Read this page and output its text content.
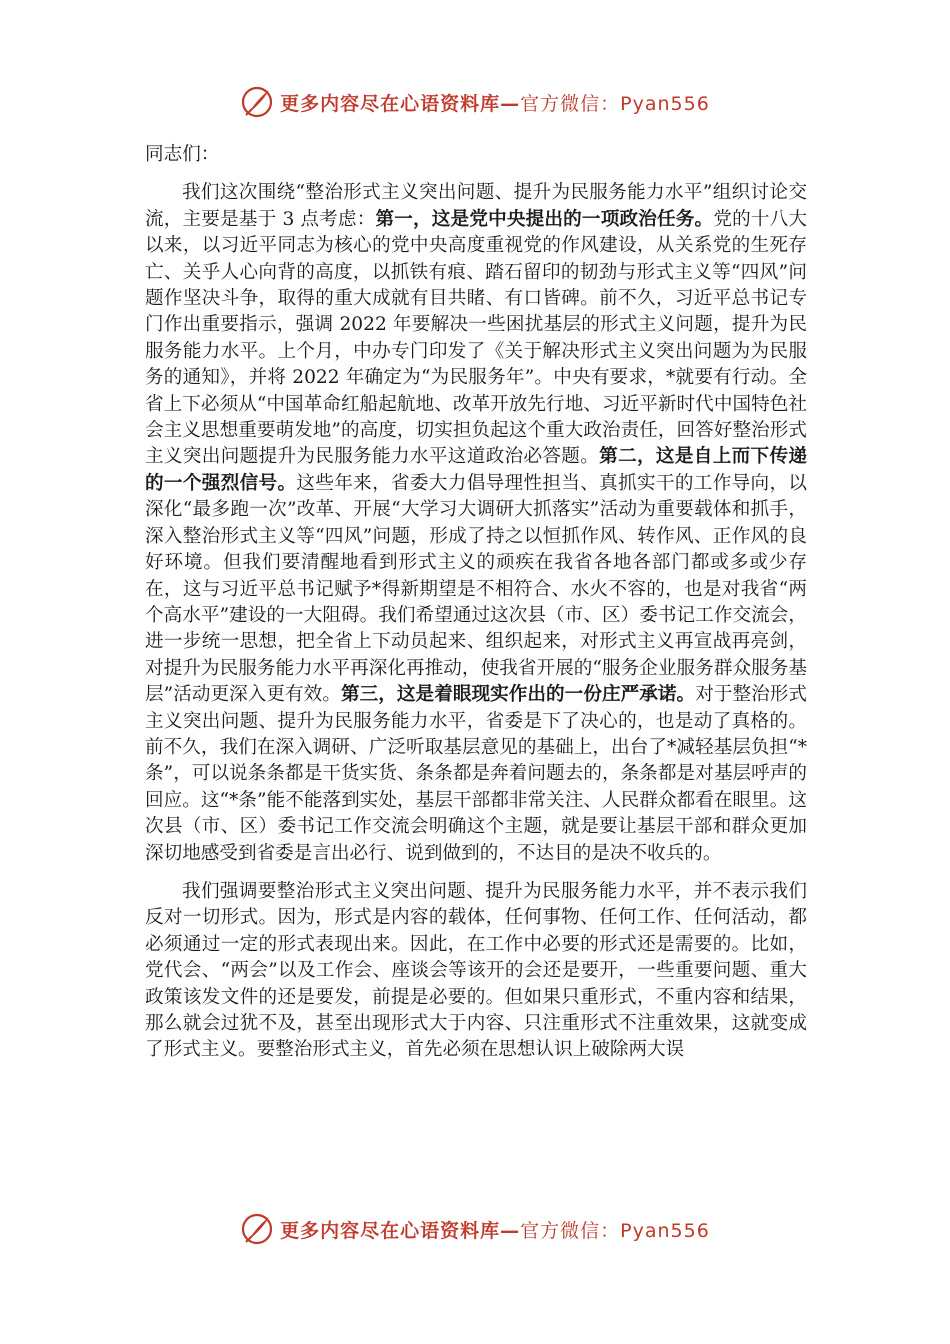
更多内容尽在心语资料库—官方微信：Pyan556

同志们：

我们这次围绕“整治形式主义突出问题、提升为民服务能力水平”组织讨论交流，主要是基于 3 点考虑：第一，这是党中央提出的一项政治任务。党的十八大以来，以习近平同志为核心的党中央高度重视党的作风建设，从关系党的生死存亡、关乎人心向背的高度，以抓铁有痕、踏石留印的韧劲与形式主义等“四风”问题作坚决斗争，取得的重大成就有目共睹、有口皆碑。前不久，习近平总书记专门作出重要指示，强调 2022 年要解决一些困扰基层的形式主义问题，提升为民服务能力水平。上个月，中办专门印发了《关于解决形式主义突出问题为为民服务的通知》，并将 2022 年确定为“为民服务年”。中央有要求，*就要有行动。全省上下必须从“中国革命红船起航地、改革开放先行地、习近平新时代中国特色社会主义思想重要萌发地”的高度，切实担负起这个重大政治责任，回答好整治形式主义突出问题提升为民服务能力水平这道政治必答题。第二，这是自上而下传递的一个强烈信号。这些年来，省委大力倡导理性担当、真抓实干的工作导向，以深化“最多跑一次”改革、开展“大学习大调研大抓落实”活动为重要载体和抓手，深入整治形式主义等“四风”问题，形成了持之以恒抓作风、转作风、正作风的良好环境。但我们要清醒地看到形式主义的顽疾在我省各地各部门都或多或少存在，这与习近平总书记赋予*得新期望是不相符合、水火不容的，也是对我省“两个高水平”建设的一大阻碍。我们希望通过这次县（市、区）委书记工作交流会，进一步统一思想，把全省上下动员起来、组织起来，对形式主义再宣战再亮剑，对提升为民服务能力水平再深化再推动，使我省开展的“服务企业服务群众服务基层”活动更深入更有效。第三，这是着眼现实作出的一份庄严承诺。对于整治形式主义突出问题、提升为民服务能力水平，省委是下了决心的，也是动了真格的。前不久，我们在深入调研、广泛听取基层意见的基础上，出台了*减轻基层负担“*条”，可以说条条都是干货实货、条条都是奔着问题去的，条条都是对基层呼声的回应。这“*条”能不能落到实处，基层干部都非常关注、人民群众都看在眼里。这次县（市、区）委书记工作交流会明确这个主题，就是要让基层干部和群众更加深切地感受到省委是言出必行、说到做到的，不达目的是决不收兵的。

我们强调要整治形式主义突出问题、提升为民服务能力水平，并不表示我们反对一切形式。因为，形式是内容的载体，任何事物、任何工作、任何活动，都必须通过一定的形式表现出来。因此，在工作中必要的形式还是需要的。比如，党代会、“两会”以及工作会、座谈会等该开的会还是要开，一些重要问题、重大政策该发文件的还是要发，前提是必要的。但如果只重形式，不重内容和结果，那么就会过犹不及，甚至出现形式大于内容、只注重形式不注重效果，这就变成了形式主义。要整治形式主义，首先必须在思想认识上破除两大误

更多内容尽在心语资料库—官方微信：Pyan556
